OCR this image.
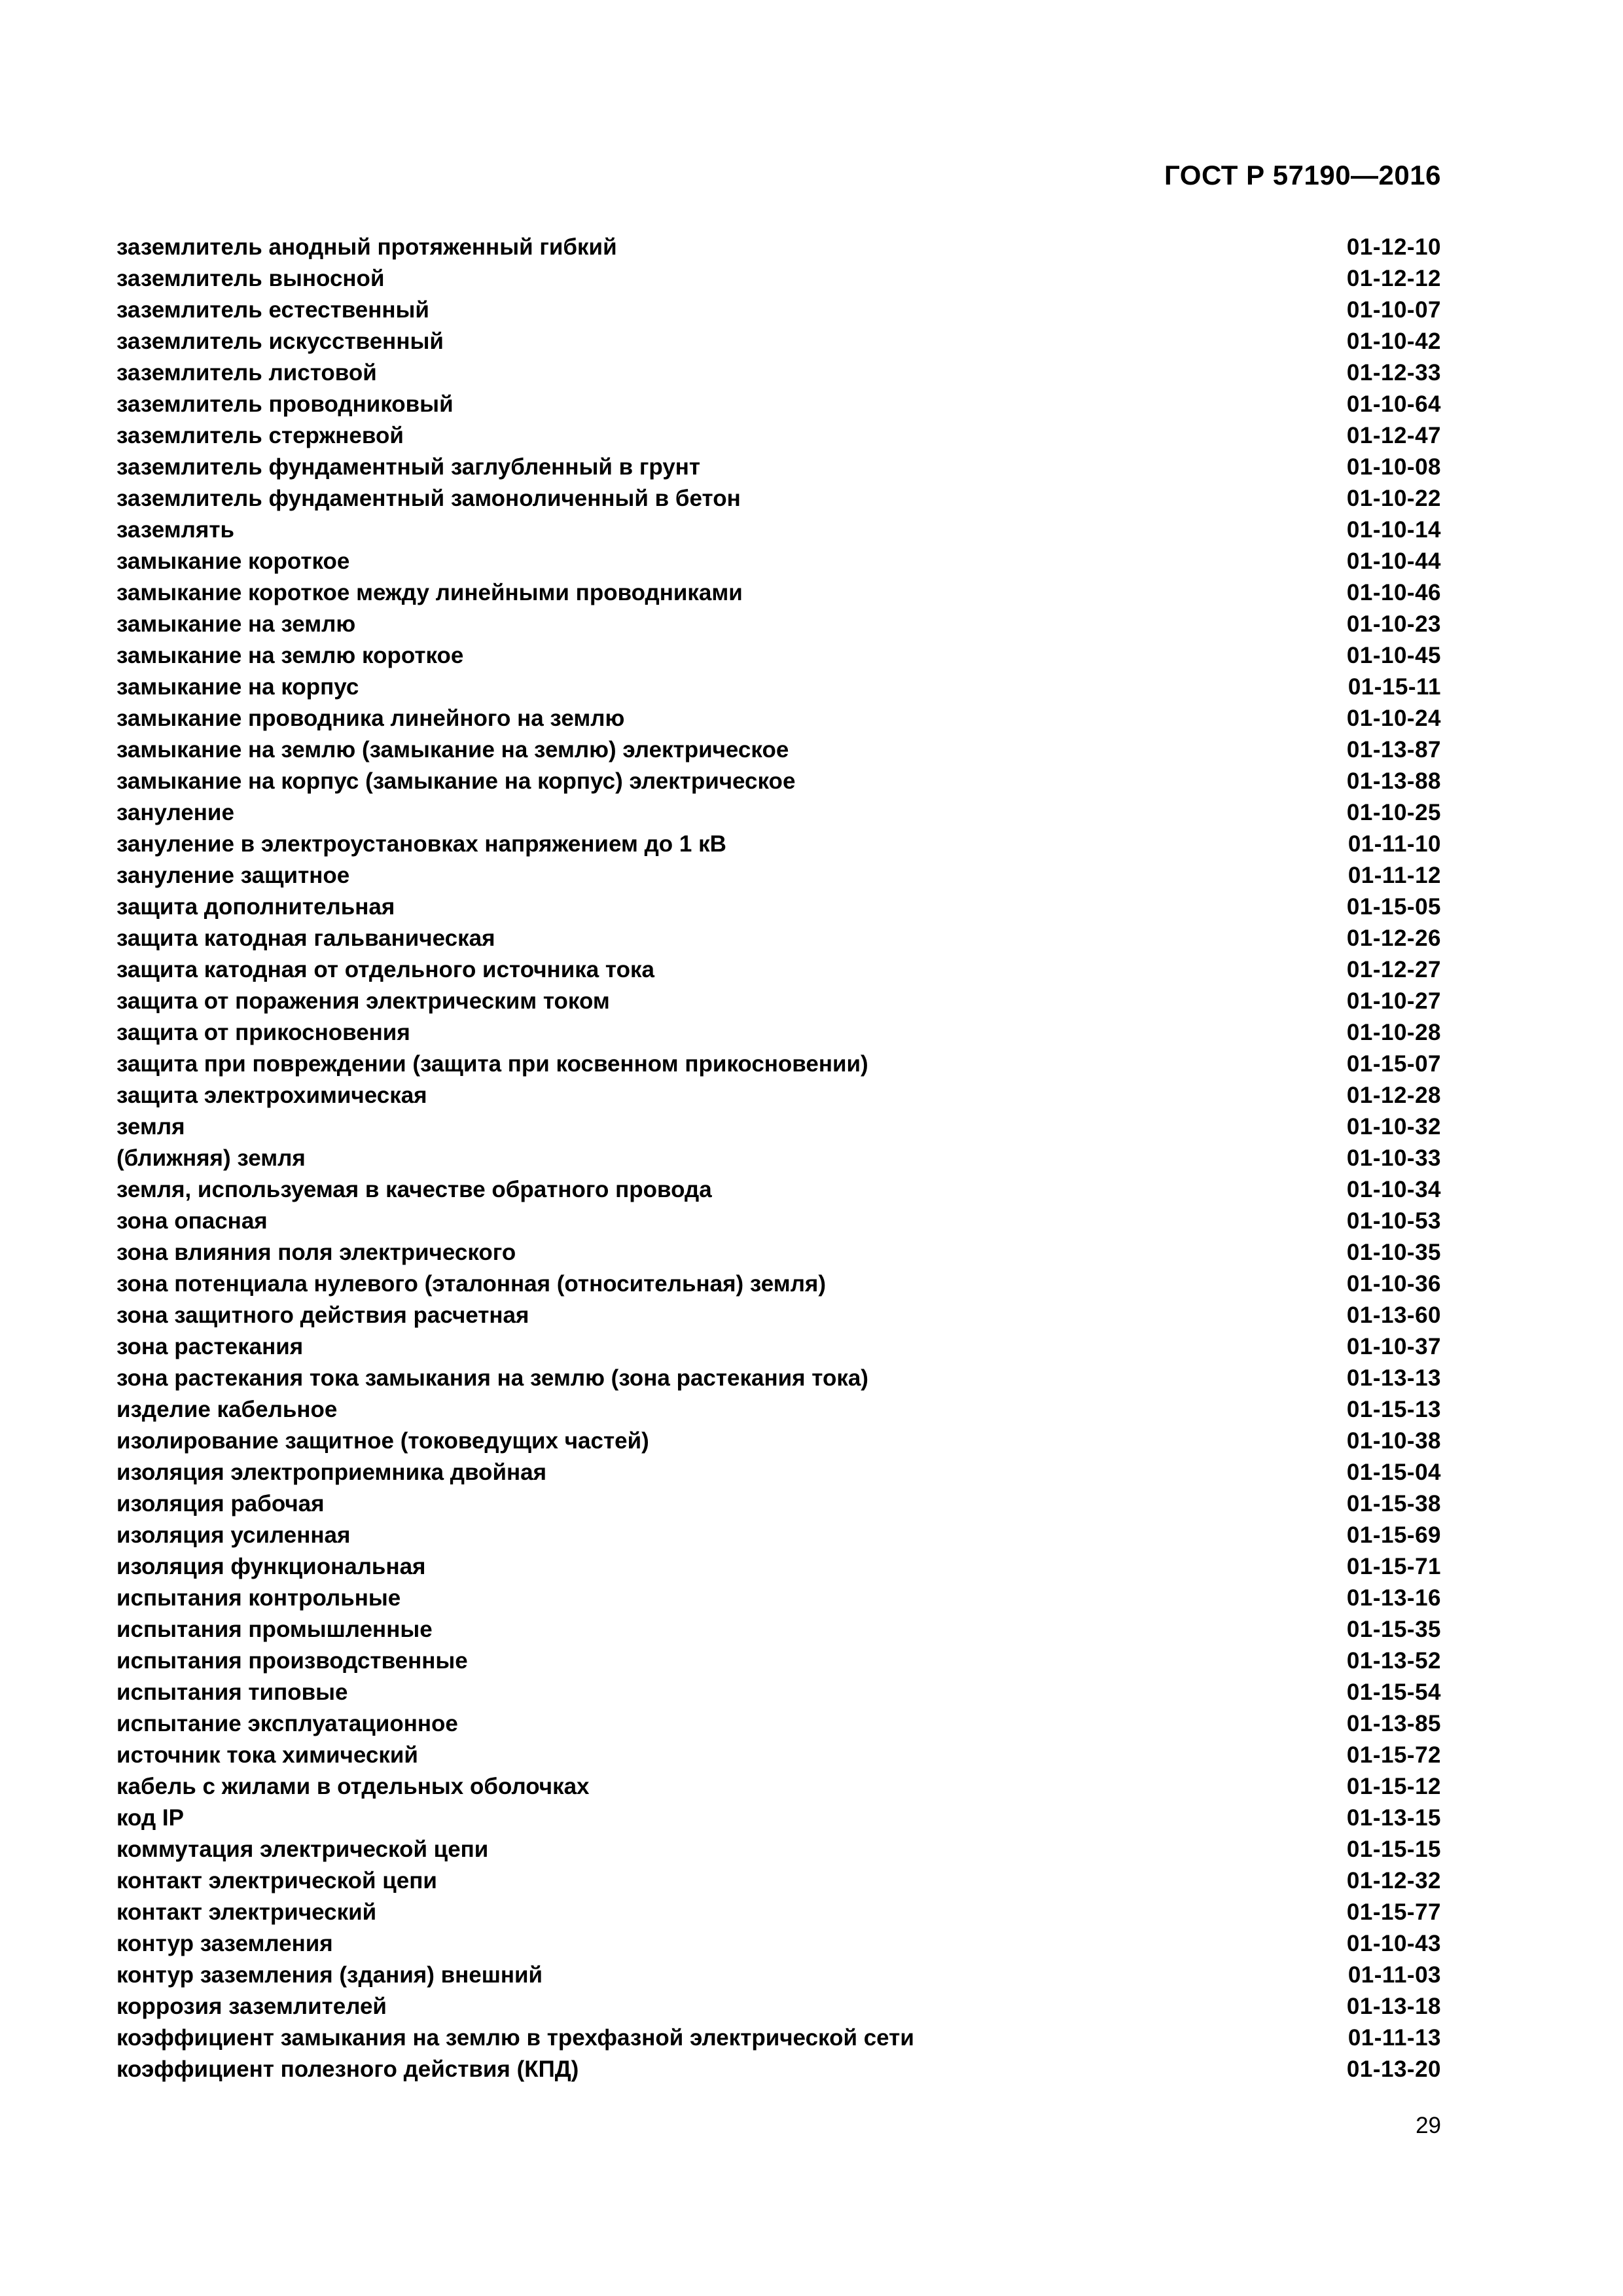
ГОСТ Р 57190—2016
заземлитель анодный протяженный гибкий	01-12-10
заземлитель выносной	01-12-12
заземлитель естественный	01-10-07
заземлитель искусственный	01-10-42
заземлитель листовой	01-12-33
заземлитель проводниковый	01-10-64
заземлитель стержневой	01-12-47
заземлитель фундаментный заглубленный в грунт	01-10-08
заземлитель фундаментный замоноличенный в бетон	01-10-22
заземлять	01-10-14
замыкание короткое	01-10-44
замыкание короткое между линейными проводниками	01-10-46
замыкание на землю	01-10-23
замыкание на землю короткое	01-10-45
замыкание на корпус	01-15-11
замыкание проводника линейного на землю	01-10-24
замыкание на землю (замыкание на землю) электрическое	01-13-87
замыкание на корпус (замыкание на корпус) электрическое	01-13-88
зануление	01-10-25
зануление в электроустановках напряжением до 1 кВ	01-11-10
зануление защитное	01-11-12
защита дополнительная	01-15-05
защита катодная гальваническая	01-12-26
защита катодная от отдельного источника тока	01-12-27
защита от поражения электрическим током	01-10-27
защита от прикосновения	01-10-28
защита при повреждении (защита при косвенном прикосновении)	01-15-07
защита электрохимическая	01-12-28
земля	01-10-32
(ближняя) земля	01-10-33
земля, используемая в качестве обратного провода	01-10-34
зона опасная	01-10-53
зона влияния поля электрического	01-10-35
зона потенциала нулевого (эталонная (относительная) земля)	01-10-36
зона защитного действия расчетная	01-13-60
зона растекания	01-10-37
зона растекания тока замыкания на землю (зона растекания тока)	01-13-13
изделие кабельное	01-15-13
изолирование защитное (токоведущих частей)	01-10-38
изоляция электроприемника двойная	01-15-04
изоляция рабочая	01-15-38
изоляция усиленная	01-15-69
изоляция функциональная	01-15-71
испытания контрольные	01-13-16
испытания промышленные	01-15-35
испытания производственные	01-13-52
испытания типовые	01-15-54
испытание эксплуатационное	01-13-85
источник тока химический	01-15-72
кабель с жилами в отдельных оболочках	01-15-12
код IP	01-13-15
коммутация электрической цепи	01-15-15
контакт электрической цепи	01-12-32
контакт электрический	01-15-77
контур заземления	01-10-43
контур заземления (здания) внешний	01-11-03
коррозия заземлителей	01-13-18
коэффициент замыкания на землю в трехфазной электрической сети	01-11-13
коэффициент полезного действия (КПД)	01-13-20
29
